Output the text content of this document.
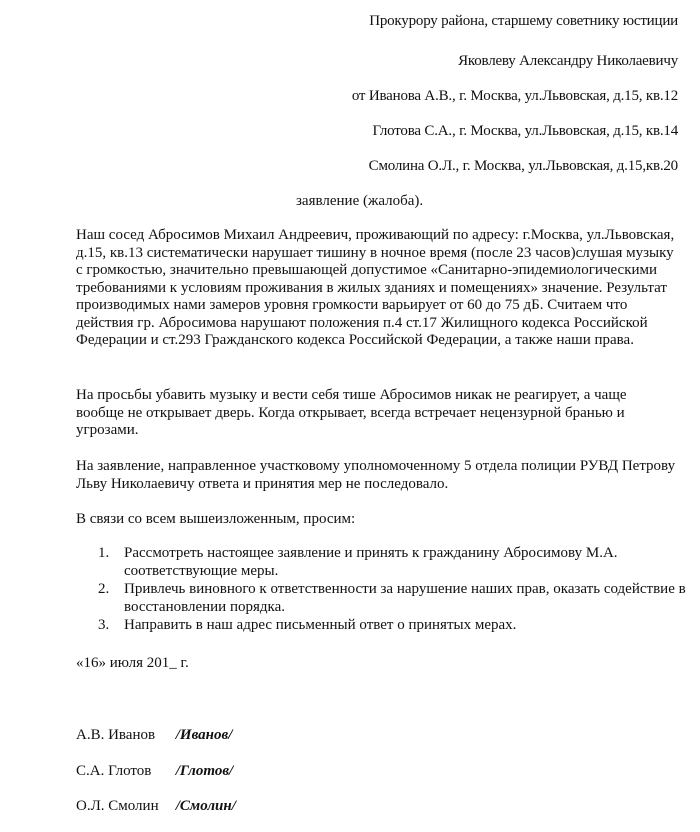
Прокурору района, старшему советнику юстиции
Яковлеву Александру Николаевичу
от Иванова А.В., г. Москва, ул.Львовская, д.15, кв.12
Глотова С.А., г. Москва, ул.Львовская, д.15, кв.14
Смолина О.Л., г. Москва, ул.Львовская, д.15,кв.20
заявление (жалоба).

Наш сосед Абросимов Михаил Андреевич, проживающий по адресу: г.Москва, ул.Львовская, д.15, кв.13 систематически нарушает тишину в ночное время (после 23 часов)слушая музыку с громкостью, значительно превышающей допустимое «Санитарно-эпидемиологическими требованиями к условиям проживания в жилых зданиях и помещениях» значение. Результат производимых нами замеров уровня громкости варьирует от 60 до 75 дБ. Считаем что действия гр. Абросимова нарушают положения п.4 ст.17 Жилищного кодекса Российской Федерации и ст.293 Гражданского кодекса Российской Федерации, а также наши права.

На просьбы убавить музыку и вести себя тише Абросимов никак не реагирует, а чаще вообще не открывает дверь. Когда открывает, всегда встречает нецензурной бранью и угрозами.

На заявление, направленное участковому уполномоченному 5 отдела полиции РУВД Петрову Льву Николаевичу ответа и принятия мер не последовало.

В связи со всем вышеизложенным, просим:

1. Рассмотреть настоящее заявление и принять к гражданину Абросимову М.А. соответствующие меры.
2. Привлечь виновного к ответственности за нарушение наших прав, оказать содействие в восстановлении порядка.
3. Направить в наш адрес письменный ответ о принятых мерах.
«16» июля 201_ г.
А.В. Иванов /Иванов/
С.А. Глотов /Глотов/
О.Л. Смолин /Смолин/
